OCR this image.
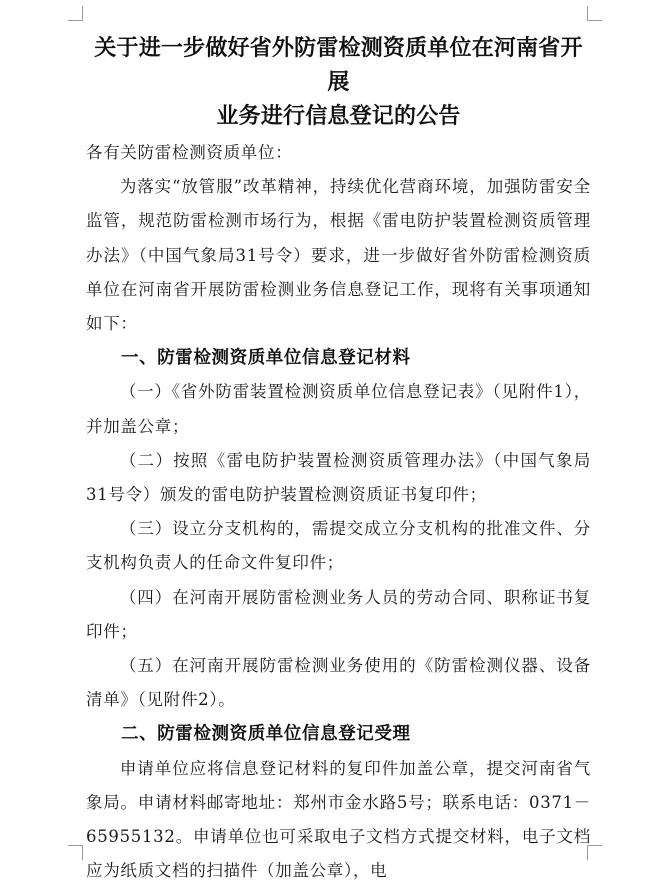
关于进一步做好省外防雷检测资质单位在河南省开展
业务进行信息登记的公告

各有关防雷检测资质单位：

为落实“放管服”改革精神，持续优化营商环境，加强防雷安全监管，规范防雷检测市场行为，根据《雷电防护装置检测资质管理办法》（中国气象局31号令）要求，进一步做好省外防雷检测资质单位在河南省开展防雷检测业务信息登记工作，现将有关事项通知如下：

一、防雷检测资质单位信息登记材料

（一）《省外防雷装置检测资质单位信息登记表》（见附件1），并加盖公章；

（二）按照《雷电防护装置检测资质管理办法》（中国气象局31号令）颁发的雷电防护装置检测资质证书复印件；

（三）设立分支机构的，需提交成立分支机构的批准文件、分支机构负责人的任命文件复印件；

（四）在河南开展防雷检测业务人员的劳动合同、职称证书复印件；

（五）在河南开展防雷检测业务使用的《防雷检测仪器、设备清单》（见附件2）。

二、防雷检测资质单位信息登记受理

申请单位应将信息登记材料的复印件加盖公章，提交河南省气象局。申请材料邮寄地址：郑州市金水路5号；联系电话：0371－65955132。申请单位也可采取电子文档方式提交材料，电子文档应为纸质文档的扫描件（加盖公章），电
